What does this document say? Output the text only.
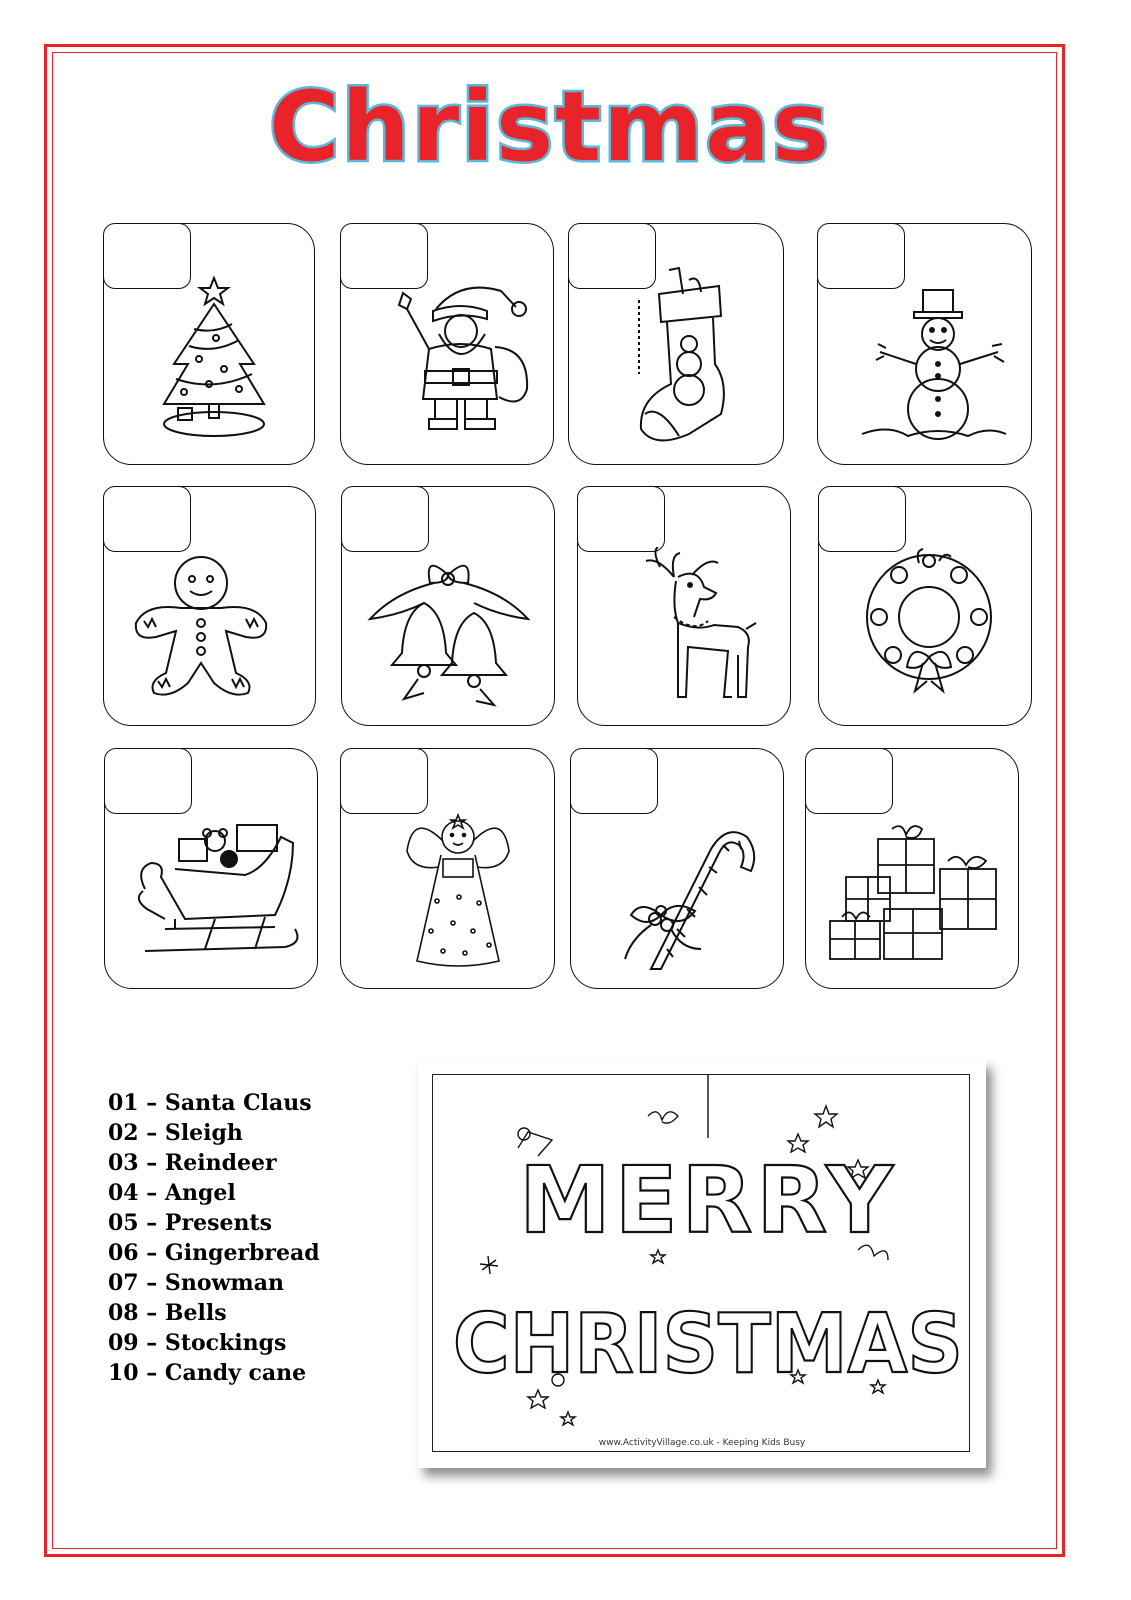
Christmas
01 – Santa Claus
02 – Sleigh
03 – Reindeer
04 – Angel
05 – Presents
06 – Gingerbread
07 – Snowman
08 – Bells
09 – Stockings
10 – Candy cane
MERRY
CHRISTMAS
www.ActivityVillage.co.uk - Keeping Kids Busy
